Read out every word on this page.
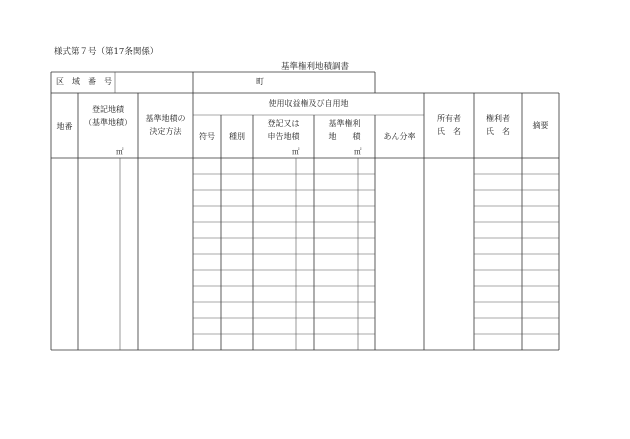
様式第７号（第17条関係）
基準権利地積調書
区　域　番　号	町
地番
登記地積
（基準地積）
㎡
基準地積の
決定方法
使用収益権及び自用地
符号	種別
登記又は
申告地積
㎡
基準権利
地　　積
㎡
あん分率
所有者
氏　名
権利者
氏　名
摘要
